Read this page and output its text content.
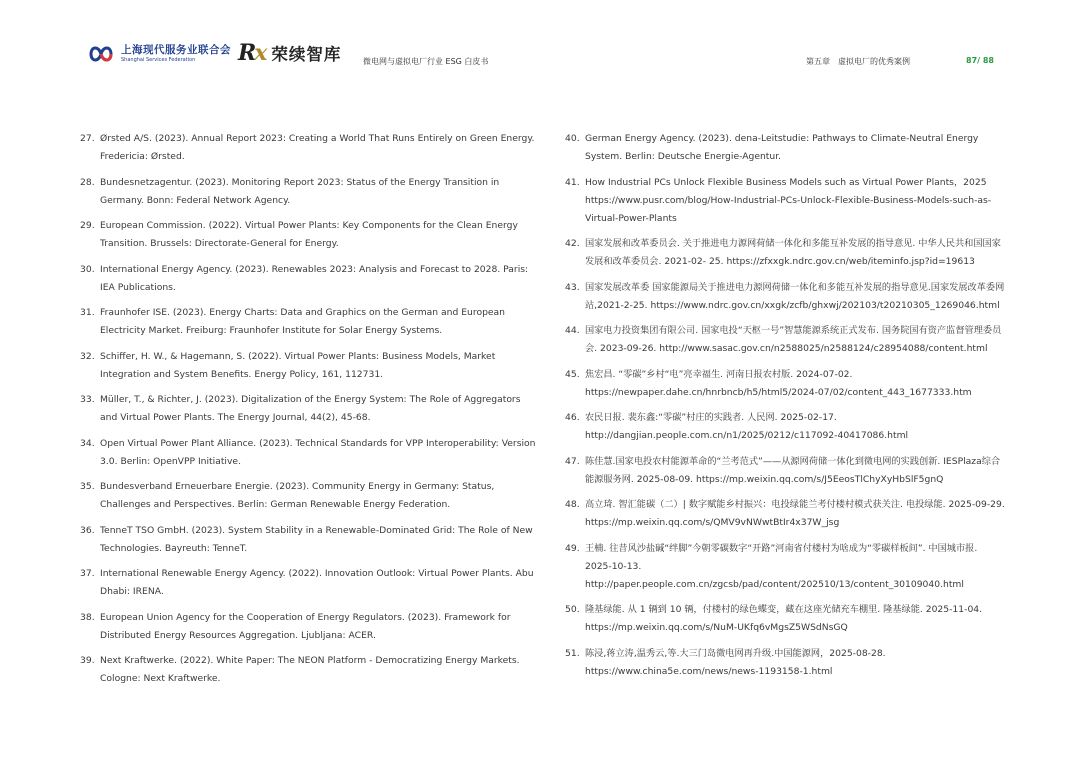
上海现代服务业联合会
Shanghai Services Federation	Rx 荣续智库	微电网与虚拟电厂行业 ESG 白皮书	第五章　虚拟电厂的优秀案例	87/ 88
27. Ørsted A/S. (2023). Annual Report 2023: Creating a World That Runs Entirely on Green Energy. Fredericia: Ørsted.
28. Bundesnetzagentur. (2023). Monitoring Report 2023: Status of the Energy Transition in Germany. Bonn: Federal Network Agency.
29. European Commission. (2022). Virtual Power Plants: Key Components for the Clean Energy Transition. Brussels: Directorate-General for Energy.
30. International Energy Agency. (2023). Renewables 2023: Analysis and Forecast to 2028. Paris: IEA Publications.
31. Fraunhofer ISE. (2023). Energy Charts: Data and Graphics on the German and European Electricity Market. Freiburg: Fraunhofer Institute for Solar Energy Systems.
32. Schiffer, H. W., & Hagemann, S. (2022). Virtual Power Plants: Business Models, Market Integration and System Benefits. Energy Policy, 161, 112731.
33. Müller, T., & Richter, J. (2023). Digitalization of the Energy System: The Role of Aggregators and Virtual Power Plants. The Energy Journal, 44(2), 45-68.
34. Open Virtual Power Plant Alliance. (2023). Technical Standards for VPP Interoperability: Version 3.0. Berlin: OpenVPP Initiative.
35. Bundesverband Erneuerbare Energie. (2023). Community Energy in Germany: Status, Challenges and Perspectives. Berlin: German Renewable Energy Federation.
36. TenneT TSO GmbH. (2023). System Stability in a Renewable-Dominated Grid: The Role of New Technologies. Bayreuth: TenneT.
37. International Renewable Energy Agency. (2022). Innovation Outlook: Virtual Power Plants. Abu Dhabi: IRENA.
38. European Union Agency for the Cooperation of Energy Regulators. (2023). Framework for Distributed Energy Resources Aggregation. Ljubljana: ACER.
39. Next Kraftwerke. (2022). White Paper: The NEON Platform - Democratizing Energy Markets. Cologne: Next Kraftwerke.
40. German Energy Agency. (2023). dena-Leitstudie: Pathways to Climate-Neutral Energy System. Berlin: Deutsche Energie-Agentur.
41. How Industrial PCs Unlock Flexible Business Models such as Virtual Power Plants，2025 https://www.pusr.com/blog/How-Industrial-PCs-Unlock-Flexible-Business-Models-such-as-Virtual-Power-Plants
42. 国家发展和改革委员会. 关于推进电力源网荷储一体化和多能互补发展的指导意见. 中华人民共和国国家发展和改革委员会. 2021-02- 25. https://zfxxgk.ndrc.gov.cn/web/iteminfo.jsp?id=19613
43. 国家发展改革委 国家能源局关于推进电力源网荷储一体化和多能互补发展的指导意见.国家发展改革委网站,2021-2-25. https://www.ndrc.gov.cn/xxgk/zcfb/ghxwj/202103/t20210305_1269046.html
44. 国家电力投资集团有限公司. 国家电投“天枢一号”智慧能源系统正式发布. 国务院国有资产监督管理委员会. 2023-09-26. http://www.sasac.gov.cn/n2588025/n2588124/c28954088/content.html
45. 焦宏昌. “零碳”乡村“电”亮幸福生. 河南日报农村版. 2024-07-02. https://newpaper.dahe.cn/hnrbncb/h5/html5/2024-07/02/content_443_1677333.htm
46. 农民日报. 裴东鑫:“零碳”村庄的实践者. 人民网. 2025-02-17. http://dangjian.people.com.cn/n1/2025/0212/c117092-40417086.html
47. 陈佳慧.国家电投农村能源革命的“兰考范式”——从源网荷储一体化到微电网的实践创新. IESPlaza综合能源服务网. 2025-08-09. https://mp.weixin.qq.com/s/J5EeosTlChyXyHbSlF5gnQ
48. 高立琦. 智汇能碳（二）| 数字赋能乡村振兴：电投绿能兰考付楼村模式获关注. 电投绿能. 2025-09-29. https://mp.weixin.qq.com/s/QMV9vNWwtBtIr4x37W_jsg
49. 王楠. 往昔风沙盐碱“绊脚”今朝零碳数字“开路”河南省付楼村为啥成为“零碳样板间”. 中国城市报. 2025-10-13. http://paper.people.com.cn/zgcsb/pad/content/202510/13/content_30109040.html
50. 隆基绿能. 从 1 辆到 10 辆，付楼村的绿色蝶变，藏在这座光储充车棚里. 隆基绿能. 2025-11-04. https://mp.weixin.qq.com/s/NuM-UKfq6vMgsZ5WSdNsGQ
51. 陈浸,蒋立涛,温秀云,等.大三门岛微电网再升级.中国能源网，2025-08-28. https://www.china5e.com/news/news-1193158-1.html
